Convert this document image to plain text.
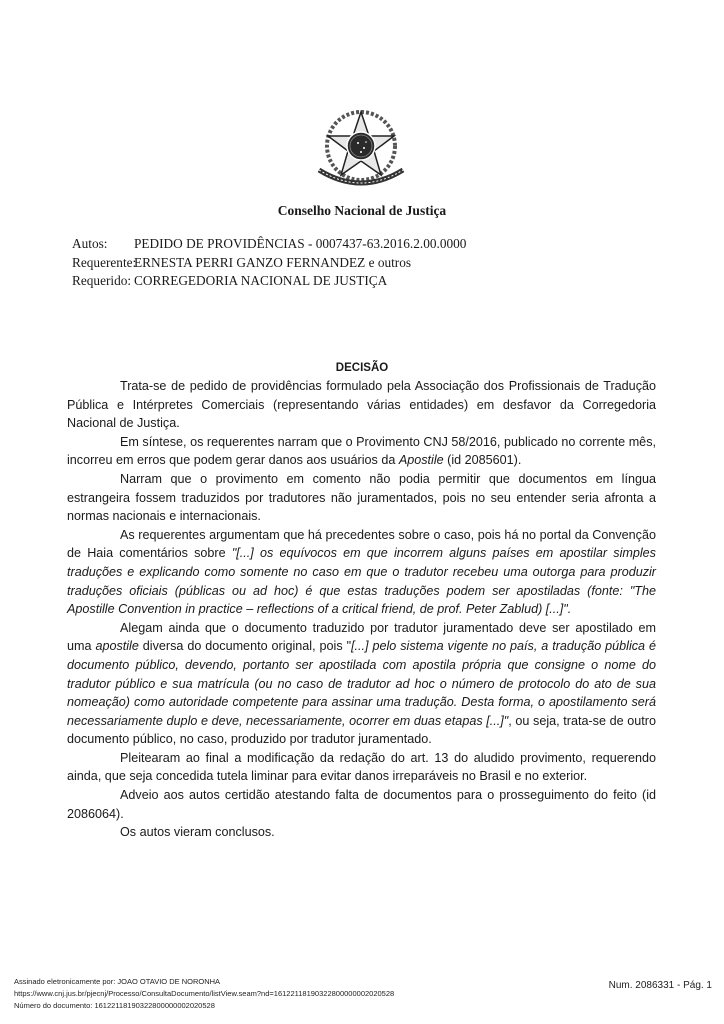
Conselho Nacional de Justiça
Autos:	PEDIDO DE PROVIDÊNCIAS - 0007437-63.2016.2.00.0000
Requerente:
ERNESTA PERRI GANZO FERNANDEZ e outros
Requerido: CORREGEDORIA NACIONAL DE JUSTIÇA
DECISÃO

Trata-se de pedido de providências formulado pela Associação dos Profissionais de Tradução Pública e Intérpretes Comerciais (representando várias entidades) em desfavor da Corregedoria Nacional de Justiça.

Em síntese, os requerentes narram que o Provimento CNJ 58/2016, publicado no corrente mês, incorreu em erros que podem gerar danos aos usuários da Apostile (id 2085601).

Narram que o provimento em comento não podia permitir que documentos em língua estrangeira fossem traduzidos por tradutores não juramentados, pois no seu entender seria afronta a normas nacionais e internacionais.

As requerentes argumentam que há precedentes sobre o caso, pois há no portal da Convenção de Haia comentários sobre "[...] os equívocos em que incorrem alguns países em apostilar simples traduções e explicando como somente no caso em que o tradutor recebeu uma outorga para produzir traduções oficiais (públicas ou ad hoc) é que estas traduções podem ser apostiladas (fonte: "The Apostille Convention in practice – reflections of a critical friend, de prof. Peter Zablud) [...]".

Alegam ainda que o documento traduzido por tradutor juramentado deve ser apostilado em uma apostile diversa do documento original, pois "[...] pelo sistema vigente no país, a tradução pública é documento público, devendo, portanto ser apostilada com apostila própria que consigne o nome do tradutor público e sua matrícula (ou no caso de tradutor ad hoc o número de protocolo do ato de sua nomeação) como autoridade competente para assinar uma tradução. Desta forma, o apostilamento será necessariamente duplo e deve, necessariamente, ocorrer em duas etapas [...]", ou seja, trata-se de outro documento público, no caso, produzido por tradutor juramentado.

Pleitearam ao final a modificação da redação do art. 13 do aludido provimento, requerendo ainda, que seja concedida tutela liminar para evitar danos irreparáveis no Brasil e no exterior.

Adveio aos autos certidão atestando falta de documentos para o prosseguimento do feito (id 2086064).

Os autos vieram conclusos.

Assinado eletronicamente por: JOAO OTAVIO DE NORONHA
https://www.cnj.jus.br/pjecnj/Processo/ConsultaDocumento/listView.seam?nd=16122118190322800000002020528
Número do documento: 16122118190322800000002020528
Num. 2086331 - Pág. 1
